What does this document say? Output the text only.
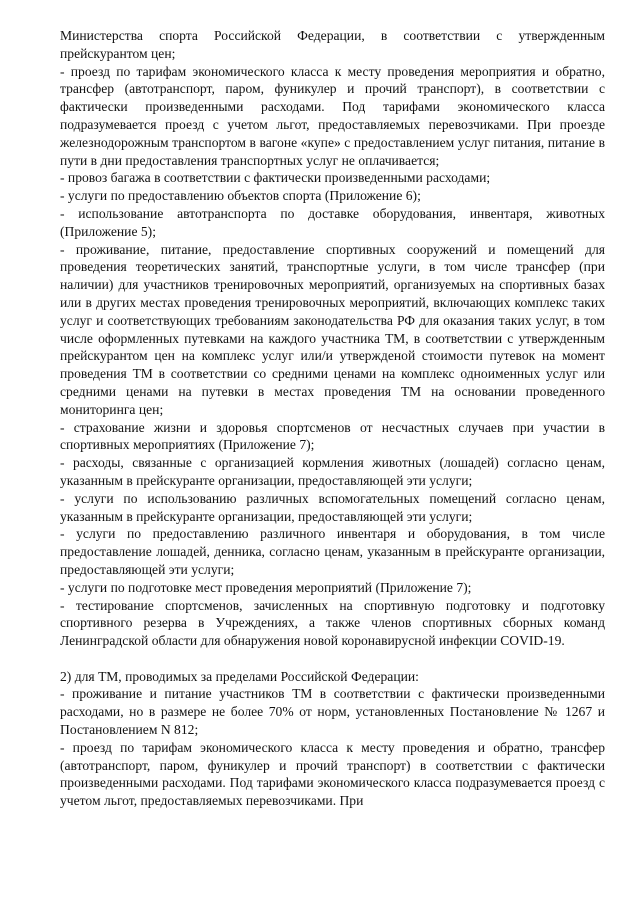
Министерства спорта Российской Федерации, в соответствии с утвержденным прейскурантом цен;

- проезд по тарифам экономического класса к месту проведения мероприятия и обратно, трансфер (автотранспорт, паром, фуникулер и прочий транспорт), в соответствии с фактически произведенными расходами. Под тарифами экономического класса подразумевается проезд с учетом льгот, предоставляемых перевозчиками. При проезде железнодорожным транспортом в вагоне «купе» с предоставлением услуг питания, питание в пути в дни предоставления транспортных услуг не оплачивается;

- провоз багажа в соответствии с фактически произведенными расходами;

- услуги по предоставлению объектов спорта (Приложение 6);

- использование автотранспорта по доставке оборудования, инвентаря, животных (Приложение 5);

- проживание, питание, предоставление спортивных сооружений и помещений для проведения теоретических занятий, транспортные услуги, в том числе трансфер (при наличии) для участников тренировочных мероприятий, организуемых на спортивных базах или в других местах проведения тренировочных мероприятий, включающих комплекс таких услуг и соответствующих требованиям законодательства РФ для оказания таких услуг, в том числе оформленных путевками на каждого участника ТМ, в соответствии с утвержденным прейскурантом цен на комплекс услуг или/и утвержденой стоимости путевок на момент проведения ТМ в соответствии со средними ценами на комплекс одноименных услуг или средними ценами на путевки в местах проведения ТМ на основании проведенного мониторинга цен;

- страхование жизни и здоровья спортсменов от несчастных случаев при участии в спортивных мероприятиях (Приложение 7);

- расходы, связанные с организацией кормления животных (лошадей) согласно ценам, указанным в прейскуранте организации, предоставляющей эти услуги;

- услуги по использованию различных вспомогательных помещений согласно ценам, указанным в прейскуранте организации, предоставляющей эти услуги;

- услуги по предоставлению различного инвентаря и оборудования, в том числе предоставление лошадей, денника, согласно ценам, указанным в прейскуранте организации, предоставляющей эти услуги;

- услуги по подготовке мест проведения мероприятий (Приложение 7);

- тестирование спортсменов, зачисленных на спортивную подготовку и подготовку спортивного резерва в Учреждениях, а также членов спортивных сборных команд Ленинградской области для обнаружения новой коронавирусной инфекции COVID-19.

2) для ТМ, проводимых за пределами Российской Федерации:

- проживание и питание участников ТМ в соответствии с фактически произведенными расходами, но в размере не более 70% от норм, установленных Постановление № 1267 и Постановлением N 812;

- проезд по тарифам экономического класса к месту проведения и обратно, трансфер (автотранспорт, паром, фуникулер и прочий транспорт) в соответствии с фактически произведенными расходами. Под тарифами экономического класса подразумевается проезд с учетом льгот, предоставляемых перевозчиками. При
